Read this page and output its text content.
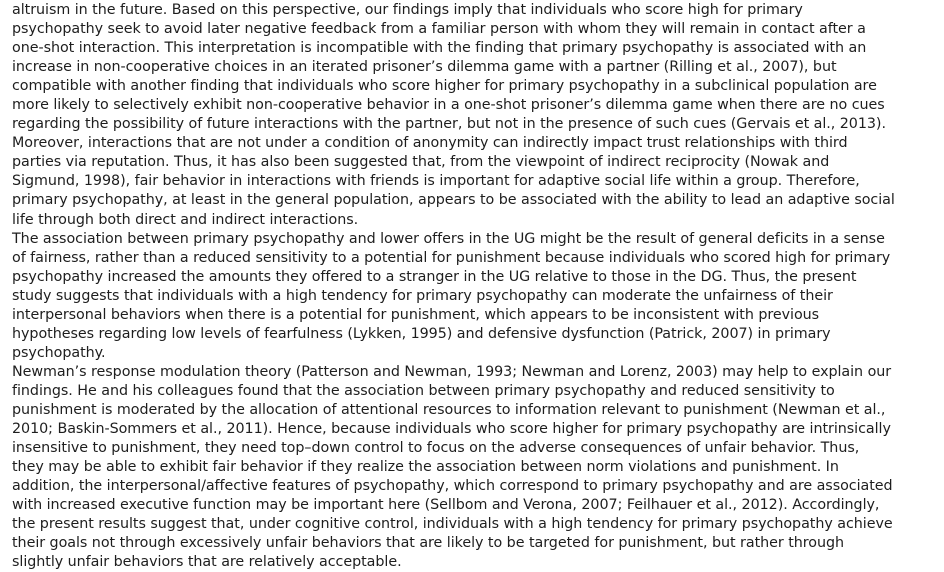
altruism in the future. Based on this perspective, our findings imply that individuals who score high for primary
psychopathy seek to avoid later negative feedback from a familiar person with whom they will remain in contact after a
one-shot interaction. This interpretation is incompatible with the finding that primary psychopathy is associated with an
increase in non-cooperative choices in an iterated prisoner’s dilemma game with a partner (Rilling et al., 2007), but
compatible with another finding that individuals who score higher for primary psychopathy in a subclinical population are
more likely to selectively exhibit non-cooperative behavior in a one-shot prisoner’s dilemma game when there are no cues
regarding the possibility of future interactions with the partner, but not in the presence of such cues (Gervais et al., 2013).
Moreover, interactions that are not under a condition of anonymity can indirectly impact trust relationships with third
parties via reputation. Thus, it has also been suggested that, from the viewpoint of indirect reciprocity (Nowak and
Sigmund, 1998), fair behavior in interactions with friends is important for adaptive social life within a group. Therefore,
primary psychopathy, at least in the general population, appears to be associated with the ability to lead an adaptive social
life through both direct and indirect interactions.
The association between primary psychopathy and lower offers in the UG might be the result of general deficits in a sense
of fairness, rather than a reduced sensitivity to a potential for punishment because individuals who scored high for primary
psychopathy increased the amounts they offered to a stranger in the UG relative to those in the DG. Thus, the present
study suggests that individuals with a high tendency for primary psychopathy can moderate the unfairness of their
interpersonal behaviors when there is a potential for punishment, which appears to be inconsistent with previous
hypotheses regarding low levels of fearfulness (Lykken, 1995) and defensive dysfunction (Patrick, 2007) in primary
psychopathy.
Newman’s response modulation theory (Patterson and Newman, 1993; Newman and Lorenz, 2003) may help to explain our
findings. He and his colleagues found that the association between primary psychopathy and reduced sensitivity to
punishment is moderated by the allocation of attentional resources to information relevant to punishment (Newman et al.,
2010; Baskin-Sommers et al., 2011). Hence, because individuals who score higher for primary psychopathy are intrinsically
insensitive to punishment, they need top–down control to focus on the adverse consequences of unfair behavior. Thus,
they may be able to exhibit fair behavior if they realize the association between norm violations and punishment. In
addition, the interpersonal/affective features of psychopathy, which correspond to primary psychopathy and are associated
with increased executive function may be important here (Sellbom and Verona, 2007; Feilhauer et al., 2012). Accordingly,
the present results suggest that, under cognitive control, individuals with a high tendency for primary psychopathy achieve
their goals not through excessively unfair behaviors that are likely to be targeted for punishment, but rather through
slightly unfair behaviors that are relatively acceptable.
